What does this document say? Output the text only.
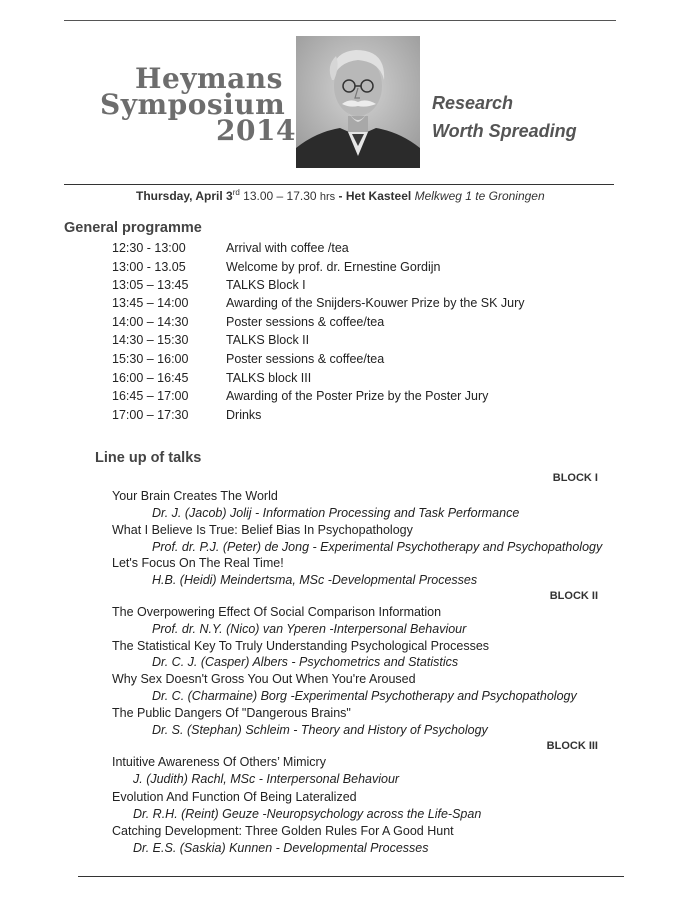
Heymans
Symposium
2014
Research
Worth Spreading
Thursday, April 3rd 13.00 – 17.30 hrs - Het Kasteel Melkweg 1 te Groningen
General programme
12:30 - 13:00	Arrival with coffee /tea
13:00 - 13.05	Welcome by prof. dr. Ernestine Gordijn
13:05 – 13:45	TALKS Block I
13:45 – 14:00	Awarding of the Snijders-Kouwer Prize by the SK Jury
14:00 – 14:30	Poster sessions & coffee/tea
14:30 – 15:30	TALKS Block II
15:30 – 16:00	Poster sessions & coffee/tea
16:00 – 16:45	TALKS block III
16:45 – 17:00	Awarding of the Poster Prize by the Poster Jury
17:00 – 17:30	Drinks
Line up of talks
BLOCK I
Your Brain Creates The World
Dr. J. (Jacob) Jolij - Information Processing and Task Performance
What I Believe Is True: Belief Bias In Psychopathology
Prof. dr. P.J. (Peter) de Jong - Experimental Psychotherapy and Psychopathology
Let's Focus On The Real Time!
H.B. (Heidi) Meindertsma, MSc -Developmental Processes
BLOCK II
The Overpowering Effect Of Social Comparison Information
Prof. dr. N.Y. (Nico) van Yperen -Interpersonal Behaviour
The Statistical Key To Truly Understanding Psychological Processes
Dr. C. J. (Casper) Albers - Psychometrics and Statistics
Why Sex Doesn't Gross You Out When You're Aroused
Dr. C. (Charmaine) Borg -Experimental Psychotherapy and Psychopathology
The Public Dangers Of "Dangerous Brains"
Dr. S. (Stephan) Schleim - Theory and History of Psychology
BLOCK III
Intuitive Awareness Of Others’ Mimicry
J. (Judith) Rachl, MSc - Interpersonal Behaviour
Evolution And Function Of Being Lateralized
Dr. R.H. (Reint) Geuze -Neuropsychology across the Life-Span
Catching Development: Three Golden Rules For A Good Hunt
Dr. E.S. (Saskia) Kunnen - Developmental Processes
